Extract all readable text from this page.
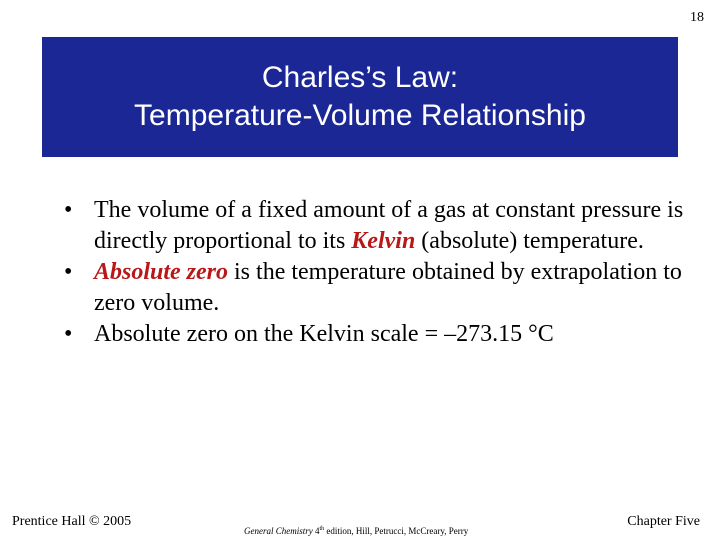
18
Charles’s Law:
Temperature-Volume Relationship
• The volume of a fixed amount of a gas at constant pressure is directly proportional to its Kelvin (absolute) temperature.
• Absolute zero is the temperature obtained by extrapolation to zero volume.
• Absolute zero on the Kelvin scale = –273.15 °C
Prentice Hall © 2005
General Chemistry 4th edition, Hill, Petrucci, McCreary, Perry
Chapter Five
